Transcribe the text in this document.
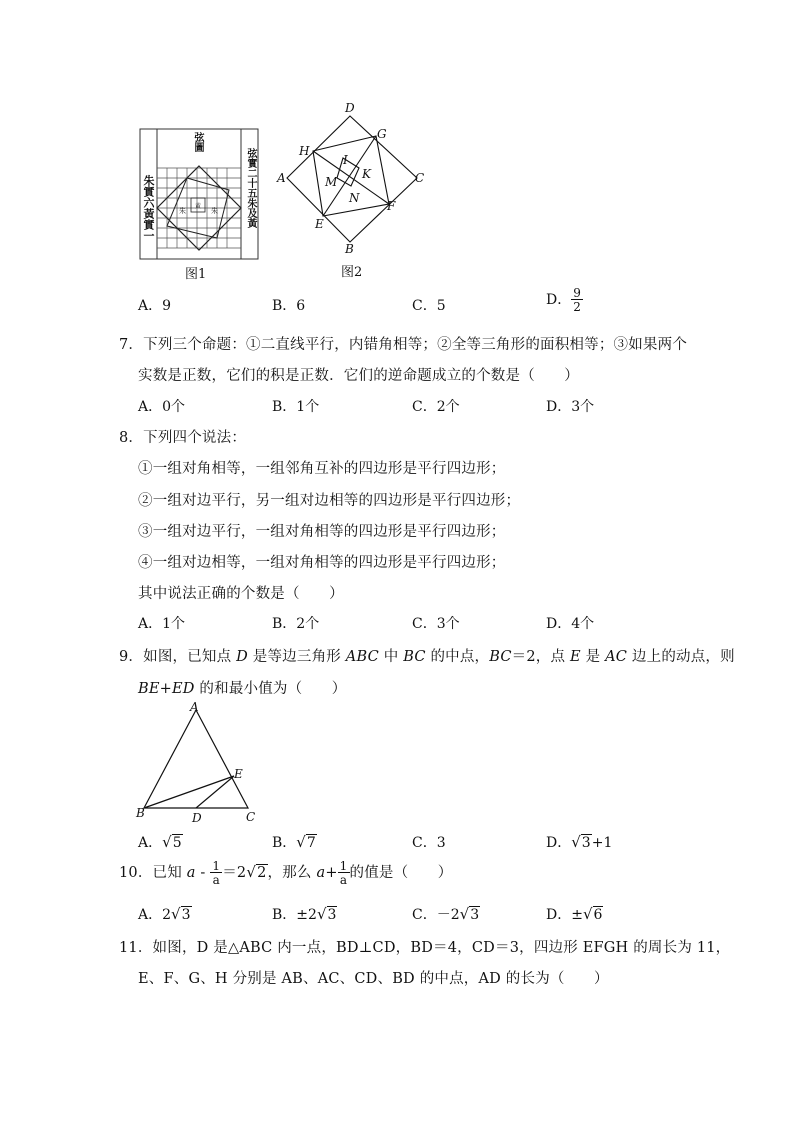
朱	朱
黃
弦圖
朱實六黃實一	弦實二十五朱及黃
图1
D
G
H
A	C
I
K
M
N
E
F
B
图2
A．9	B．6	C．5	D． $\frac{9}{2}$
7．下列三个命题：①二直线平行，内错角相等；②全等三角形的面积相等；③如果两个
实数是正数，它们的积是正数．它们的逆命题成立的个数是（　　）
A．0个	B．1个	C．2个	D．3个
8．下列四个说法：
①一组对角相等，一组邻角互补的四边形是平行四边形；
②一组对边平行，另一组对边相等的四边形是平行四边形；
③一组对边平行，一组对角相等的四边形是平行四边形；
④一组对边相等，一组对角相等的四边形是平行四边形；
其中说法正确的个数是（　　）
A．1个	B．2个	C．3个	D．4个
9．如图，已知点 D 是等边三角形 ABC 中 BC 的中点，BC＝2，点 E 是 AC 边上的动点，则
BE+ED 的和最小值为（　　）
A
B	C
D
E
A．√5	B．√7	C．3	D．√3+1
10．已知 $a - \frac{1}{a} =2√2$，那么 $a+ \frac{1}{a}$ 的值是（　　）
A．2√3	B．±2√3	C．－2√3	D．±√6
11．如图，D 是△ABC 内一点，BD⊥CD，BD＝4，CD＝3，四边形 EFGH 的周长为 11，
E、F、G、H 分别是 AB、AC、CD、BD 的中点，AD 的长为（　　）
